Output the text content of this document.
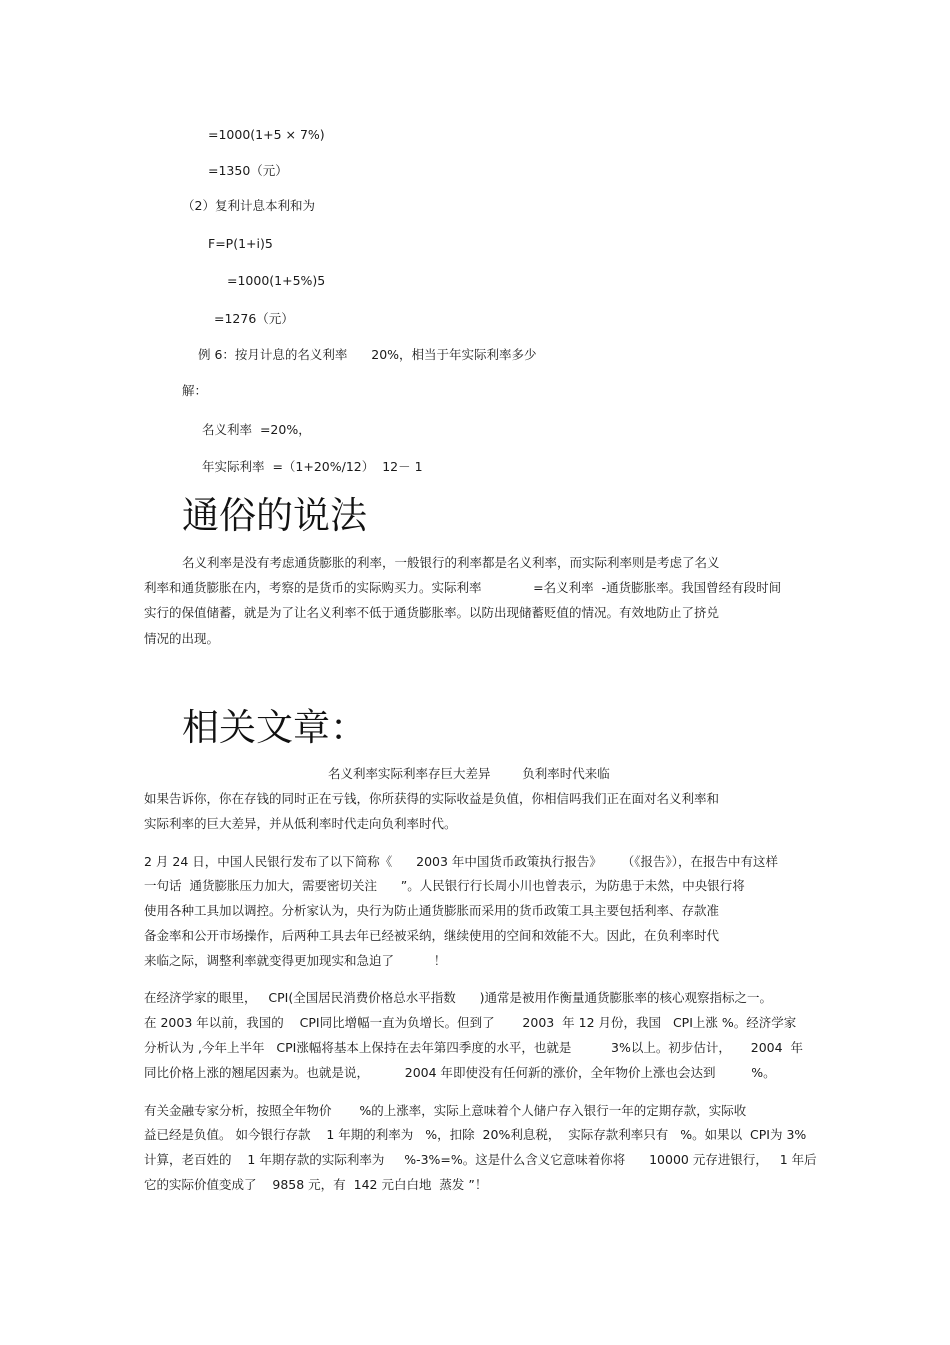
=1000(1+5 × 7%)
=1350（元）
（2）复利计息本利和为
F=P(1+i)5
=1000(1+5%)5
=1276（元）
例 6：按月计息的名义利率      20%，相当于年实际利率多少
解：
名义利率  =20%，
年实际利率  =（1+20%/12）  12－ 1
通俗的说法
名义利率是没有考虑通货膨胀的利率，一般银行的利率都是名义利率，而实际利率则是考虑了名义
利率和通货膨胀在内，考察的是货币的实际购买力。实际利率             =名义利率  -通货膨胀率。我国曾经有段时间
实行的保值储蓄，就是为了让名义利率不低于通货膨胀率。以防出现储蓄贬值的情况。有效地防止了挤兑
情况的出现。
相关文章：
名义利率实际利率存巨大差异        负利率时代来临
如果告诉你，你在存钱的同时正在亏钱，你所获得的实际收益是负值，你相信吗我们正在面对名义利率和
实际利率的巨大差异，并从低利率时代走向负利率时代。
2 月 24 日，中国人民银行发布了以下简称《      2003 年中国货币政策执行报告》     （《报告》），在报告中有这样
一句话  通货膨胀压力加大，需要密切关注      ”。人民银行行长周小川也曾表示，为防患于未然，中央银行将
使用各种工具加以调控。分析家认为，央行为防止通货膨胀而采用的货币政策工具主要包括利率、存款准
备金率和公开市场操作，后两种工具去年已经被采纳，继续使用的空间和效能不大。因此，在负利率时代
来临之际，调整利率就变得更加现实和急迫了          ！
在经济学家的眼里，   CPI(全国居民消费价格总水平指数      )通常是被用作衡量通货膨胀率的核心观察指标之一。
在 2003 年以前，我国的    CPI同比增幅一直为负增长。但到了       2003  年 12 月份，我国   CPI上涨 %。经济学家
分析认为 ,今年上半年   CPI涨幅将基本上保持在去年第四季度的水平，也就是          3%以上。初步估计，     2004  年
同比价格上涨的翘尾因素为。也就是说，         2004 年即使没有任何新的涨价，全年物价上涨也会达到         %。
有关金融专家分析，按照全年物价       %的上涨率，实际上意味着个人储户存入银行一年的定期存款，实际收
益已经是负值。 如今银行存款    1 年期的利率为   %，扣除  20%利息税，  实际存款利率只有   %。如果以  CPI为 3%
计算，老百姓的    1 年期存款的实际利率为     %-3%=%。这是什么含义它意味着你将      10000 元存进银行，   1 年后
它的实际价值变成了    9858 元，有  142 元白白地  蒸发 ”！
